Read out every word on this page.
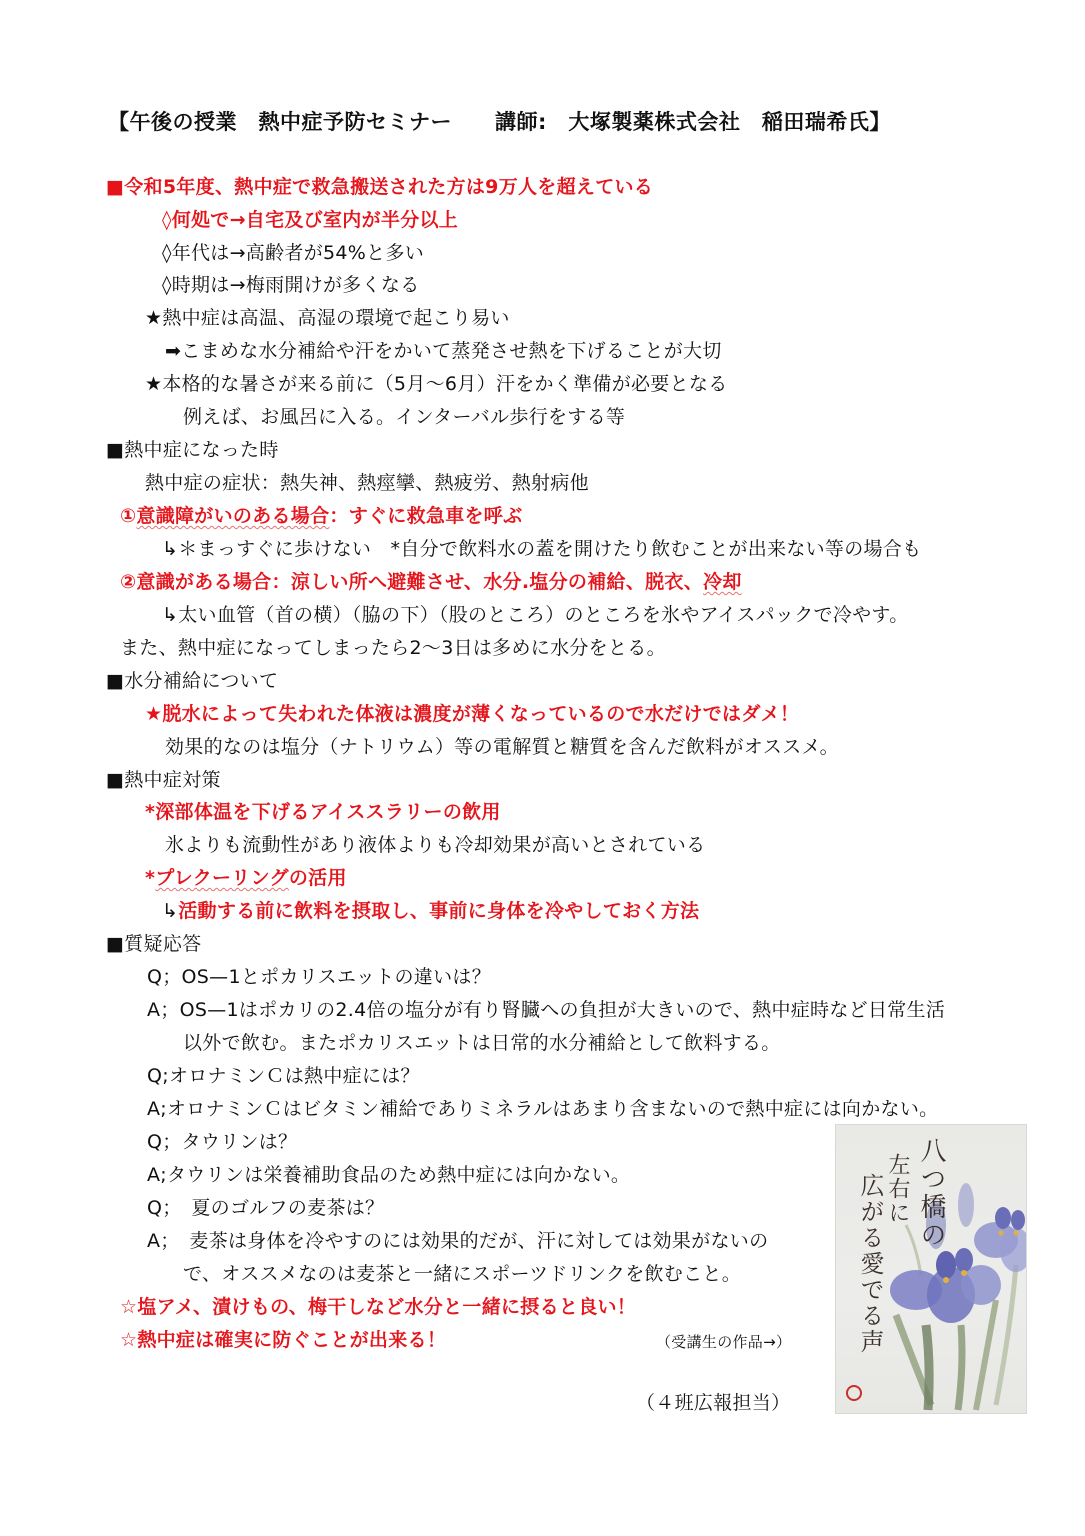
【午後の授業　熱中症予防セミナー　　講師:　大塚製薬株式会社　稲田瑞希氏】
■令和5年度、熱中症で救急搬送された方は9万人を超えている
◊何処で→自宅及び室内が半分以上
◊年代は→高齢者が54%と多い
◊時期は→梅雨開けが多くなる
★熱中症は高温、高湿の環境で起こり易い
➡こまめな水分補給や汗をかいて蒸発させ熱を下げることが大切
★本格的な暑さが来る前に（5月～6月）汗をかく準備が必要となる
例えば、お風呂に入る。インターバル歩行をする等
■熱中症になった時
熱中症の症状：熱失神、熱痙攣、熱疲労、熱射病他
①意識障がいのある場合：すぐに救急車を呼ぶ
↳＊まっすぐに歩けない　*自分で飲料水の蓋を開けたり飲むことが出来ない等の場合も
②意識がある場合：涼しい所へ避難させ、水分.塩分の補給、脱衣、冷却
↳太い血管（首の横）（脇の下）（股のところ）のところを氷やアイスパックで冷やす。
また、熱中症になってしまったら2～3日は多めに水分をとる。
■水分補給について
★脱水によって失われた体液は濃度が薄くなっているので水だけではダメ！
効果的なのは塩分（ナトリウム）等の電解質と糖質を含んだ飲料がオススメ。
■熱中症対策
*深部体温を下げるアイススラリーの飲用
氷よりも流動性があり液体よりも冷却効果が高いとされている
*プレクーリングの活用
↳活動する前に飲料を摂取し、事前に身体を冷やしておく方法
■質疑応答
Q；OS—1とポカリスエットの違いは？
A；OS—1はポカリの2.4倍の塩分が有り腎臓への負担が大きいので、熱中症時など日常生活
以外で飲む。またポカリスエットは日常的水分補給として飲料する。
Q;オロナミンＣは熱中症には？
A;オロナミンＣはビタミン補給でありミネラルはあまり含まないので熱中症には向かない。
Q；タウリンは？
A;タウリンは栄養補助食品のため熱中症には向かない。
Q；　夏のゴルフの麦茶は？
A；　麦茶は身体を冷やすのには効果的だが、汗に対しては効果がないの
で、オススメなのは麦茶と一緒にスポーツドリンクを飲むこと。
☆塩アメ、漬けもの、梅干しなど水分と一緒に摂ると良い！
☆熱中症は確実に防ぐことが出来る！	（受講生の作品→）
（４班広報担当）
八つ橋の
左右に
広がる愛でる声
